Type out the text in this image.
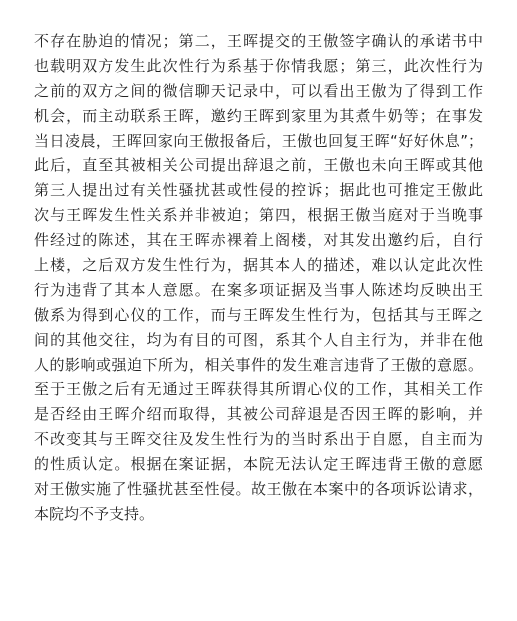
不存在胁迫的情况；第二，王晖提交的王傲签字确认的承诺书中
也载明双方发生此次性行为系基于你情我愿；第三，此次性行为
之前的双方之间的微信聊天记录中，可以看出王傲为了得到工作
机会，而主动联系王晖，邀约王晖到家里为其煮牛奶等；在事发
当日凌晨，王晖回家向王傲报备后，王傲也回复王晖“好好休息”；
此后，直至其被相关公司提出辞退之前，王傲也未向王晖或其他
第三人提出过有关性骚扰甚或性侵的控诉；据此也可推定王傲此
次与王晖发生性关系并非被迫；第四，根据王傲当庭对于当晚事
件经过的陈述，其在王晖赤裸着上阁楼，对其发出邀约后，自行
上楼，之后双方发生性行为，据其本人的描述，难以认定此次性
行为违背了其本人意愿。在案多项证据及当事人陈述均反映出王
傲系为得到心仪的工作，而与王晖发生性行为，包括其与王晖之
间的其他交往，均为有目的可图，系其个人自主行为，并非在他
人的影响或强迫下所为，相关事件的发生难言违背了王傲的意愿。
至于王傲之后有无通过王晖获得其所谓心仪的工作，其相关工作
是否经由王晖介绍而取得，其被公司辞退是否因王晖的影响，并
不改变其与王晖交往及发生性行为的当时系出于自愿，自主而为
的性质认定。根据在案证据，本院无法认定王晖违背王傲的意愿
对王傲实施了性骚扰甚至性侵。故王傲在本案中的各项诉讼请求，
本院均不予支持。
